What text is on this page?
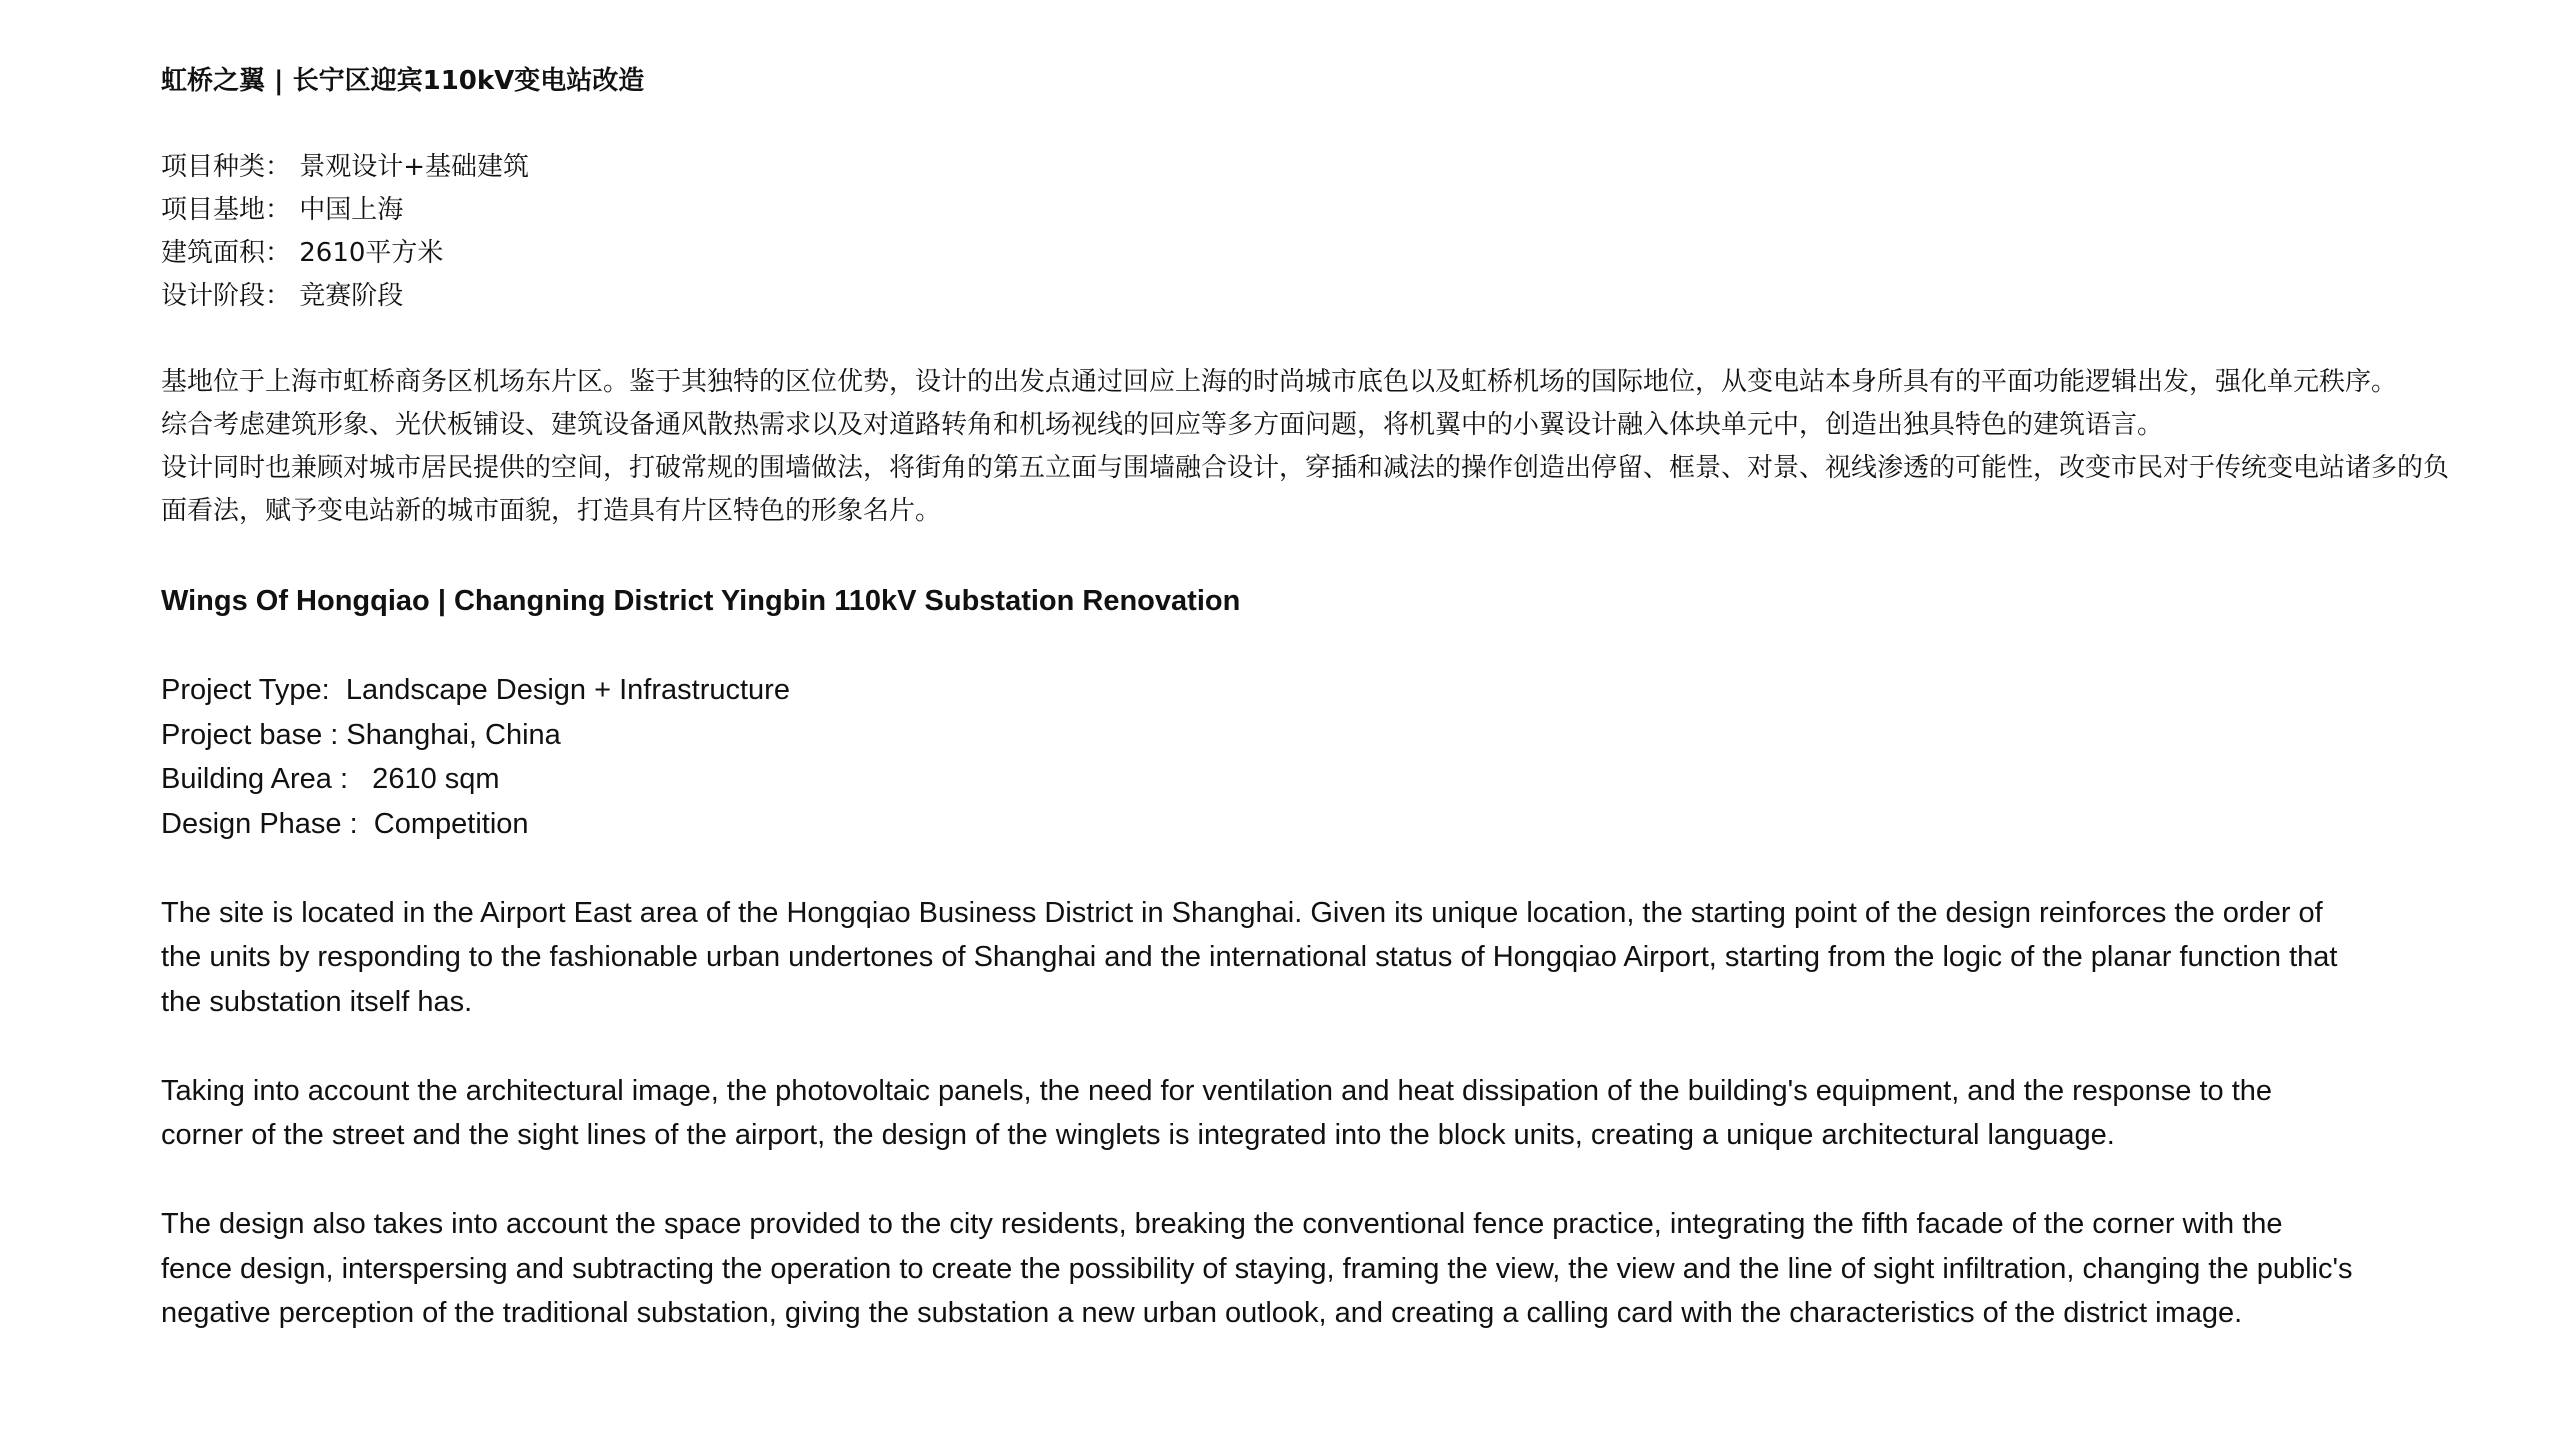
虹桥之翼 | 长宁区迎宾110kV变电站改造

项目种类： 景观设计+基础建筑
项目基地： 中国上海
建筑面积： 2610平方米
设计阶段： 竞赛阶段

基地位于上海市虹桥商务区机场东片区。鉴于其独特的区位优势，设计的出发点通过回应上海的时尚城市底色以及虹桥机场的国际地位，从变电站本身所具有的平面功能逻辑出发，强化单元秩序。

综合考虑建筑形象、光伏板铺设、建筑设备通风散热需求以及对道路转角和机场视线的回应等多方面问题，将机翼中的小翼设计融入体块单元中，创造出独具特色的建筑语言。

设计同时也兼顾对城市居民提供的空间，打破常规的围墙做法，将街角的第五立面与围墙融合设计，穿插和减法的操作创造出停留、框景、对景、视线渗透的可能性，改变市民对于传统变电站诸多的负面看法，赋予变电站新的城市面貌，打造具有片区特色的形象名片。

Wings Of Hongqiao | Changning District Yingbin 110kV Substation Renovation

Project Type:  Landscape Design + Infrastructure
Project base : Shanghai, China
Building Area :   2610 sqm
Design Phase :  Competition

The site is located in the Airport East area of the Hongqiao Business District in Shanghai. Given its unique location, the starting point of the design reinforces the order of the units by responding to the fashionable urban undertones of Shanghai and the international status of Hongqiao Airport, starting from the logic of the planar function that the substation itself has.

Taking into account the architectural image, the photovoltaic panels, the need for ventilation and heat dissipation of the building's equipment, and the response to the corner of the street and the sight lines of the airport, the design of the winglets is integrated into the block units, creating a unique architectural language.

The design also takes into account the space provided to the city residents, breaking the conventional fence practice, integrating the fifth facade of the corner with the fence design, interspersing and subtracting the operation to create the possibility of staying, framing the view, the view and the line of sight infiltration, changing the public's negative perception of the traditional substation, giving the substation a new urban outlook, and creating a calling card with the characteristics of the district image.
